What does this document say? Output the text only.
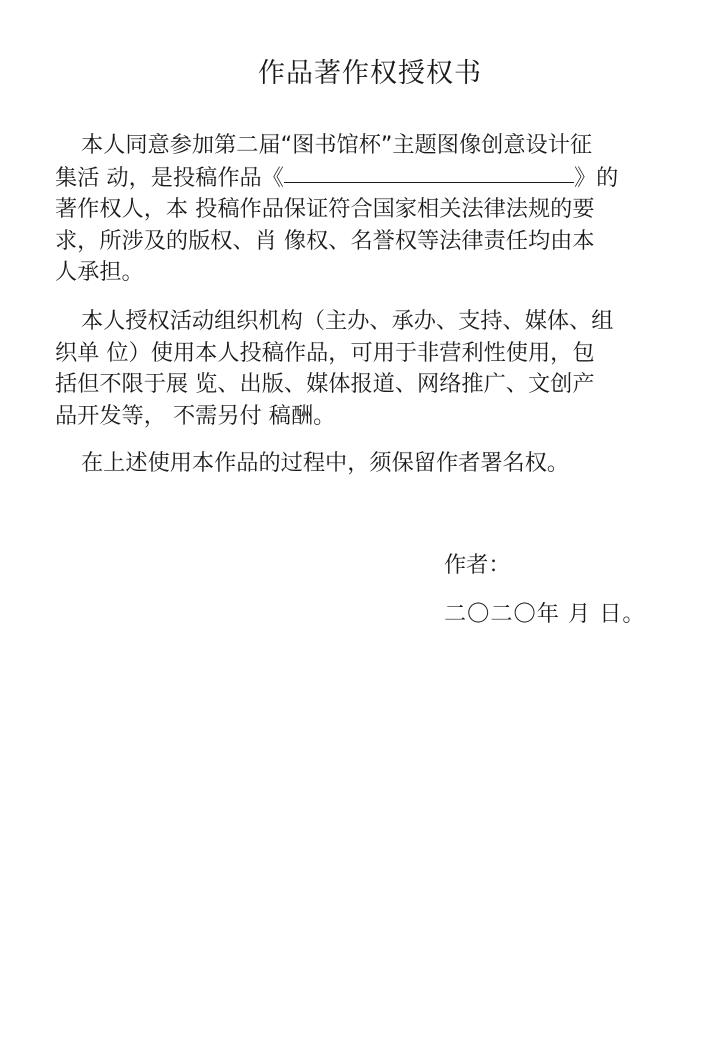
作品著作权授权书

本人同意参加第二届“图书馆杯”主题图像创意设计征
集活 动，是投稿作品《	》的
著作权人，本 投稿作品保证符合国家相关法律法规的要
求，所涉及的版权、肖 像权、名誉权等法律责任均由本
人承担。

本人授权活动组织机构（主办、承办、支持、媒体、组
织单 位）使用本人投稿作品，可用于非营利性使用，包
括但不限于展 览、出版、媒体报道、网络推广、文创产
品开发等， 不需另付 稿酬。

在上述使用本作品的过程中，须保留作者署名权。

作者：
二〇二〇年 月 日。
